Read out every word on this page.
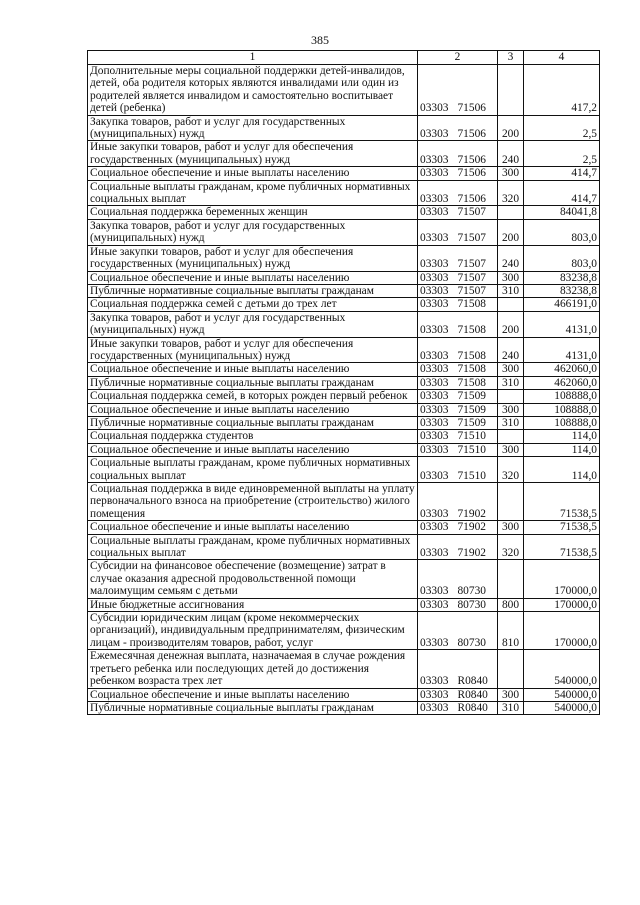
385
1	2	3	4
Дополнительные меры социальной поддержки детей-инвалидов, детей, оба родителя которых являются инвалидами или один из родителей является инвалидом и самостоятельно воспитывает детей (ребенка)	03303 71506		417,2
Закупка товаров, работ и услуг для государственных (муниципальных) нужд	03303 71506	200	2,5
Иные закупки товаров, работ и услуг для обеспечения государственных (муниципальных) нужд	03303 71506	240	2,5
Социальное обеспечение и иные выплаты населению	03303 71506	300	414,7
Социальные выплаты гражданам, кроме публичных нормативных социальных выплат	03303 71506	320	414,7
Социальная поддержка беременных женщин	03303 71507		84041,8
Закупка товаров, работ и услуг для государственных (муниципальных) нужд	03303 71507	200	803,0
Иные закупки товаров, работ и услуг для обеспечения государственных (муниципальных) нужд	03303 71507	240	803,0
Социальное обеспечение и иные выплаты населению	03303 71507	300	83238,8
Публичные нормативные социальные выплаты гражданам	03303 71507	310	83238,8
Социальная поддержка семей с детьми до трех лет	03303 71508		466191,0
Закупка товаров, работ и услуг для государственных (муниципальных) нужд	03303 71508	200	4131,0
Иные закупки товаров, работ и услуг для обеспечения государственных (муниципальных) нужд	03303 71508	240	4131,0
Социальное обеспечение и иные выплаты населению	03303 71508	300	462060,0
Публичные нормативные социальные выплаты гражданам	03303 71508	310	462060,0
Социальная поддержка семей, в которых рожден первый ребенок	03303 71509		108888,0
Социальное обеспечение и иные выплаты населению	03303 71509	300	108888,0
Публичные нормативные социальные выплаты гражданам	03303 71509	310	108888,0
Социальная поддержка студентов	03303 71510		114,0
Социальное обеспечение и иные выплаты населению	03303 71510	300	114,0
Социальные выплаты гражданам, кроме публичных нормативных социальных выплат	03303 71510	320	114,0
Социальная поддержка в виде единовременной выплаты на уплату первоначального взноса на приобретение (строительство) жилого помещения	03303 71902		71538,5
Социальное обеспечение и иные выплаты населению	03303 71902	300	71538,5
Социальные выплаты гражданам, кроме публичных нормативных социальных выплат	03303 71902	320	71538,5
Субсидии на финансовое обеспечение (возмещение) затрат в случае оказания адресной продовольственной помощи малоимущим семьям с детьми	03303 80730		170000,0
Иные бюджетные ассигнования	03303 80730	800	170000,0
Субсидии юридическим лицам (кроме некоммерческих организаций), индивидуальным предпринимателям, физическим лицам - производителям товаров, работ, услуг	03303 80730	810	170000,0
Ежемесячная денежная выплата, назначаемая в случае рождения третьего ребенка или последующих детей до достижения ребенком возраста трех лет	03303 R0840		540000,0
Социальное обеспечение и иные выплаты населению	03303 R0840	300	540000,0
Публичные нормативные социальные выплаты гражданам	03303 R0840	310	540000,0
